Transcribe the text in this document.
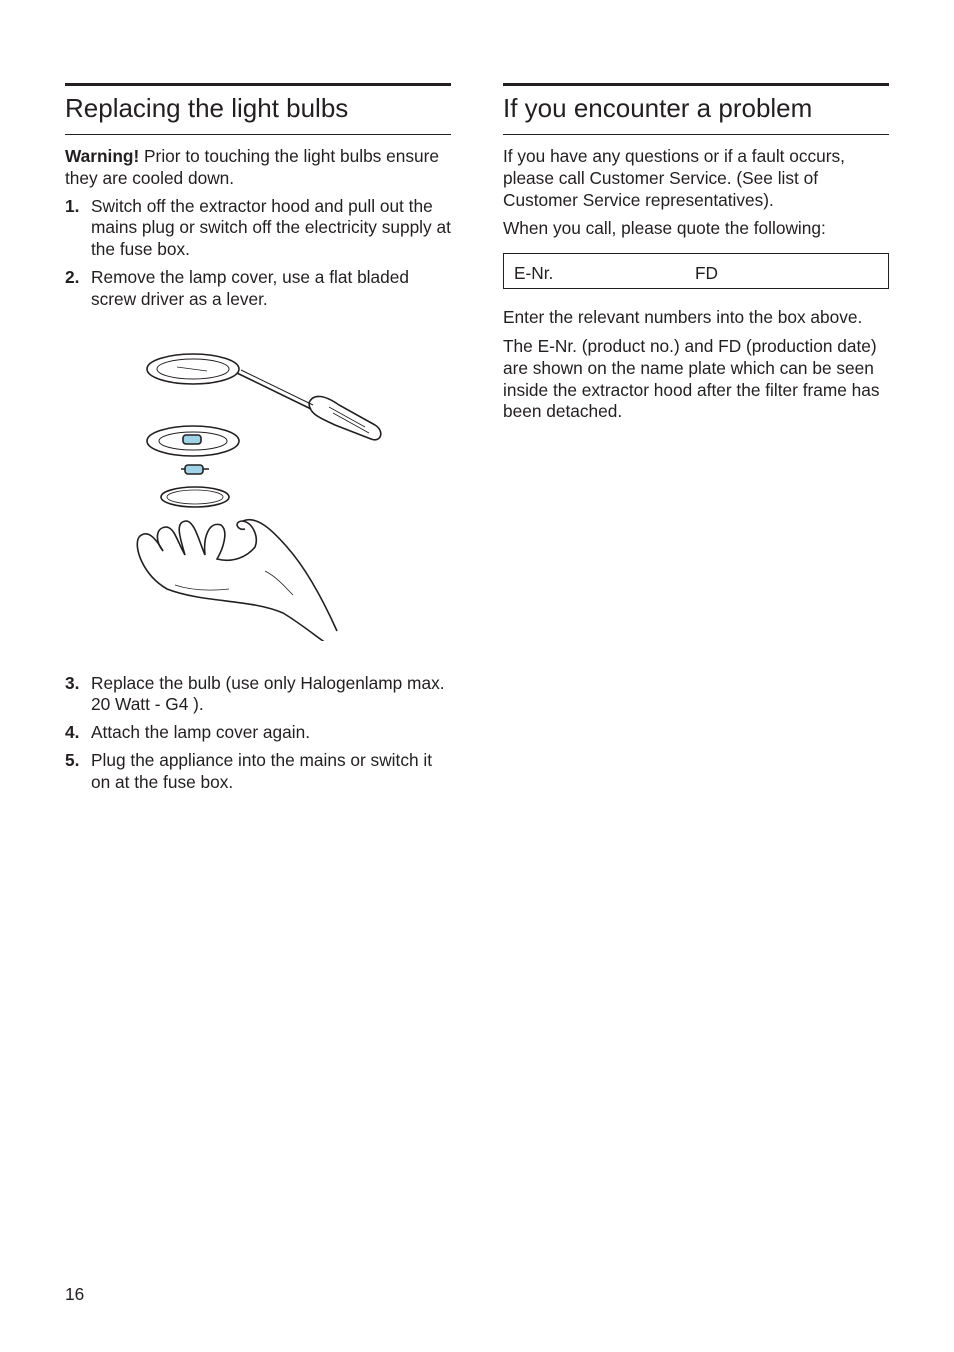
Replacing the light bulbs

Warning! Prior to touching the light bulbs ensure they are cooled down.

1. Switch off the extractor hood and pull out the mains plug or switch off the electricity supply at the fuse box.
2. Remove the lamp cover, use a flat bladed screw driver as a lever.
3. Replace the bulb (use only Halogenlamp max. 20 Watt - G4 ).
4. Attach the lamp cover again.
5. Plug the appliance into the mains or switch it on at the fuse box.
If you encounter a problem

If you have any questions or if a fault occurs, please call Customer Service. (See list of Customer Service representatives).

When you call, please quote the following:

E-Nr.	FD

Enter the relevant numbers into the box above.

The E-Nr. (product no.) and FD (production date) are shown on the name plate which can be seen inside the extractor hood after the filter frame has been detached.

16
